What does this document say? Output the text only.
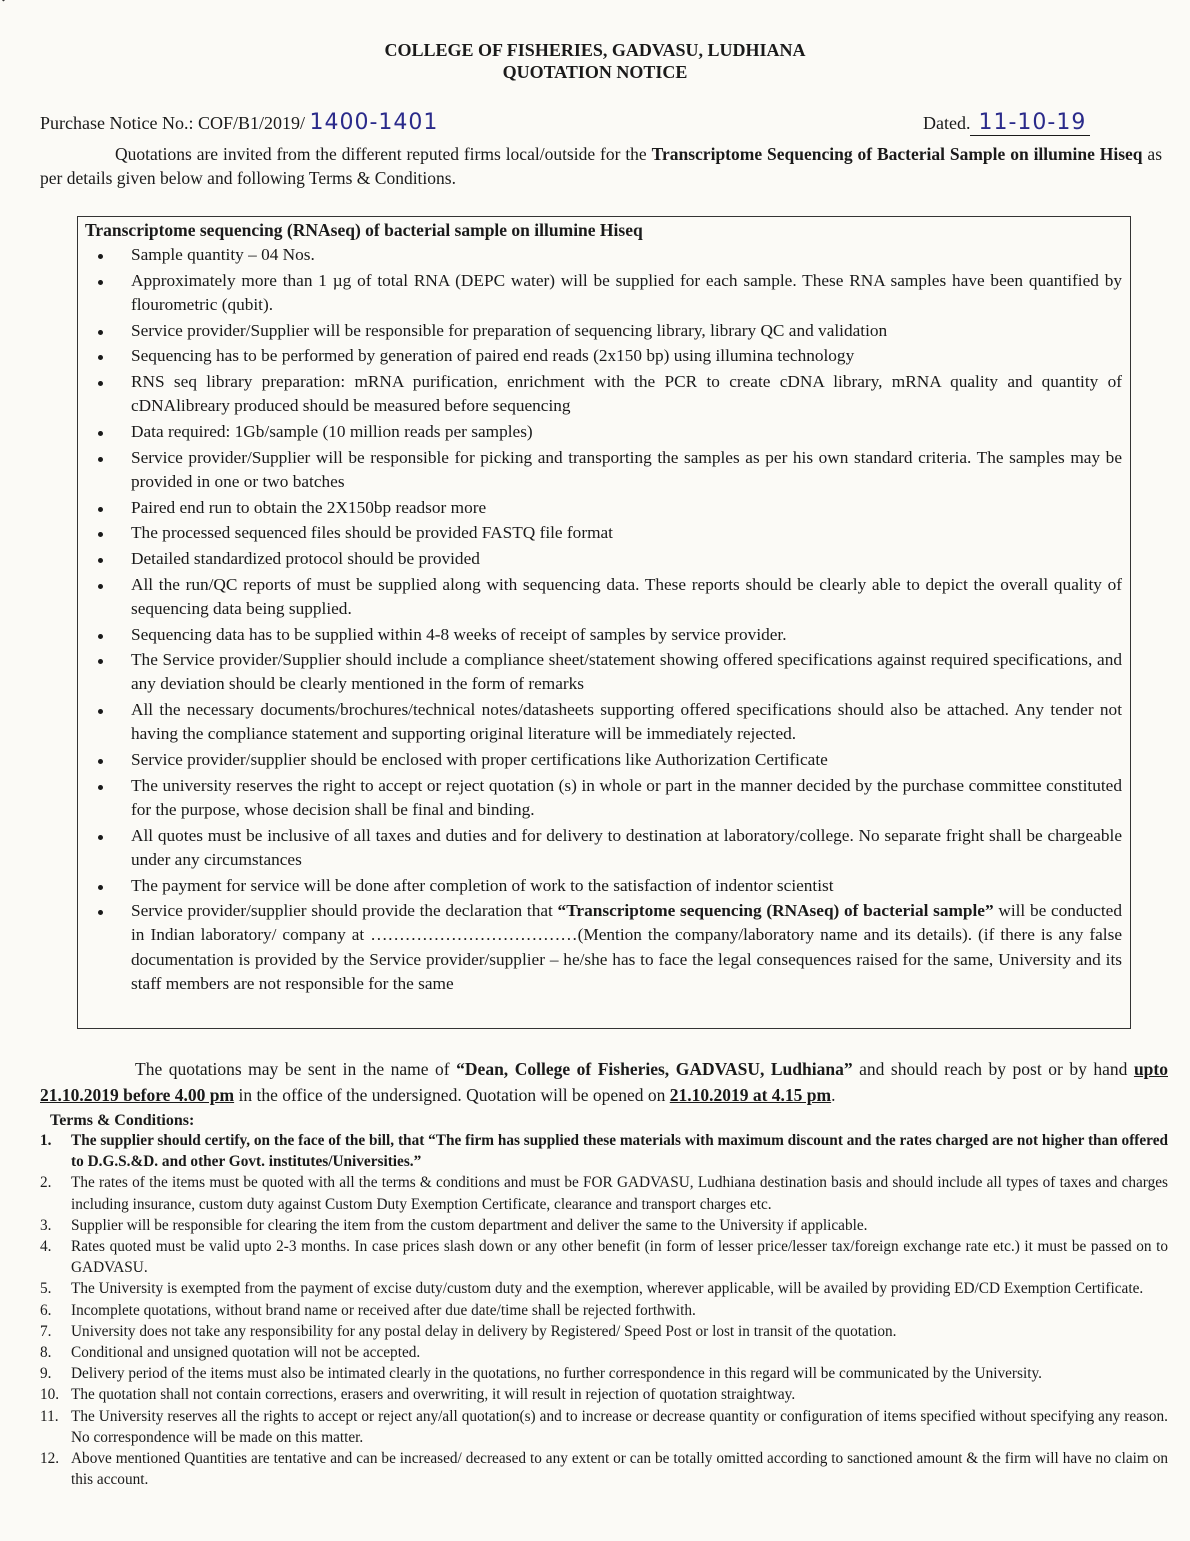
COLLEGE OF FISHERIES, GADVASU, LUDHIANA
QUOTATION NOTICE
Purchase Notice No.: COF/B1/2019/ 1400-1401	Dated. 11-10-19
Quotations are invited from the different reputed firms local/outside for the Transcriptome Sequencing of Bacterial Sample on illumine Hiseq as per details given below and following Terms & Conditions.
Transcriptome sequencing (RNAseq) of bacterial sample on illumine Hiseq
Sample quantity – 04 Nos.
Approximately more than 1 µg of total RNA (DEPC water) will be supplied for each sample. These RNA samples have been quantified by flourometric (qubit).
Service provider/Supplier will be responsible for preparation of sequencing library, library QC and validation
Sequencing has to be performed by generation of paired end reads (2x150 bp) using illumina technology
RNS seq library preparation: mRNA purification, enrichment with the PCR to create cDNA library, mRNA quality and quantity of cDNAlibreary produced should be measured before sequencing
Data required: 1Gb/sample (10 million reads per samples)
Service provider/Supplier will be responsible for picking and transporting the samples as per his own standard criteria. The samples may be provided in one or two batches
Paired end run to obtain the 2X150bp readsor more
The processed sequenced files should be provided FASTQ file format
Detailed standardized protocol should be provided
All the run/QC reports of must be supplied along with sequencing data. These reports should be clearly able to depict the overall quality of sequencing data being supplied.
Sequencing data has to be supplied within 4-8 weeks of receipt of samples by service provider.
The Service provider/Supplier should include a compliance sheet/statement showing offered specifications against required specifications, and any deviation should be clearly mentioned in the form of remarks
All the necessary documents/brochures/technical notes/datasheets supporting offered specifications should also be attached. Any tender not having the compliance statement and supporting original literature will be immediately rejected.
Service provider/supplier should be enclosed with proper certifications like Authorization Certificate
The university reserves the right to accept or reject quotation (s) in whole or part in the manner decided by the purchase committee constituted for the purpose, whose decision shall be final and binding.
All quotes must be inclusive of all taxes and duties and for delivery to destination at laboratory/college. No separate fright shall be chargeable under any circumstances
The payment for service will be done after completion of work to the satisfaction of indentor scientist
Service provider/supplier should provide the declaration that “Transcriptome sequencing (RNAseq) of bacterial sample” will be conducted in Indian laboratory/ company at ………………………………(Mention the company/laboratory name and its details). (if there is any false documentation is provided by the Service provider/supplier – he/she has to face the legal consequences raised for the same, University and its staff members are not responsible for the same
The quotations may be sent in the name of “Dean, College of Fisheries, GADVASU, Ludhiana” and should reach by post or by hand upto 21.10.2019 before 4.00 pm in the office of the undersigned. Quotation will be opened on 21.10.2019 at 4.15 pm.
Terms & Conditions:
1. The supplier should certify, on the face of the bill, that “The firm has supplied these materials with maximum discount and the rates charged are not higher than offered to D.G.S.&D. and other Govt. institutes/Universities.”
2. The rates of the items must be quoted with all the terms & conditions and must be FOR GADVASU, Ludhiana destination basis and should include all types of taxes and charges including insurance, custom duty against Custom Duty Exemption Certificate, clearance and transport charges etc.
3. Supplier will be responsible for clearing the item from the custom department and deliver the same to the University if applicable.
4. Rates quoted must be valid upto 2-3 months. In case prices slash down or any other benefit (in form of lesser price/lesser tax/foreign exchange rate etc.) it must be passed on to GADVASU.
5. The University is exempted from the payment of excise duty/custom duty and the exemption, wherever applicable, will be availed by providing ED/CD Exemption Certificate.
6. Incomplete quotations, without brand name or received after due date/time shall be rejected forthwith.
7. University does not take any responsibility for any postal delay in delivery by Registered/ Speed Post or lost in transit of the quotation.
8. Conditional and unsigned quotation will not be accepted.
9. Delivery period of the items must also be intimated clearly in the quotations, no further correspondence in this regard will be communicated by the University.
10. The quotation shall not contain corrections, erasers and overwriting, it will result in rejection of quotation straightway.
11. The University reserves all the rights to accept or reject any/all quotation(s) and to increase or decrease quantity or configuration of items specified without specifying any reason. No correspondence will be made on this matter.
12. Above mentioned Quantities are tentative and can be increased/ decreased to any extent or can be totally omitted according to sanctioned amount & the firm will have no claim on this account.
